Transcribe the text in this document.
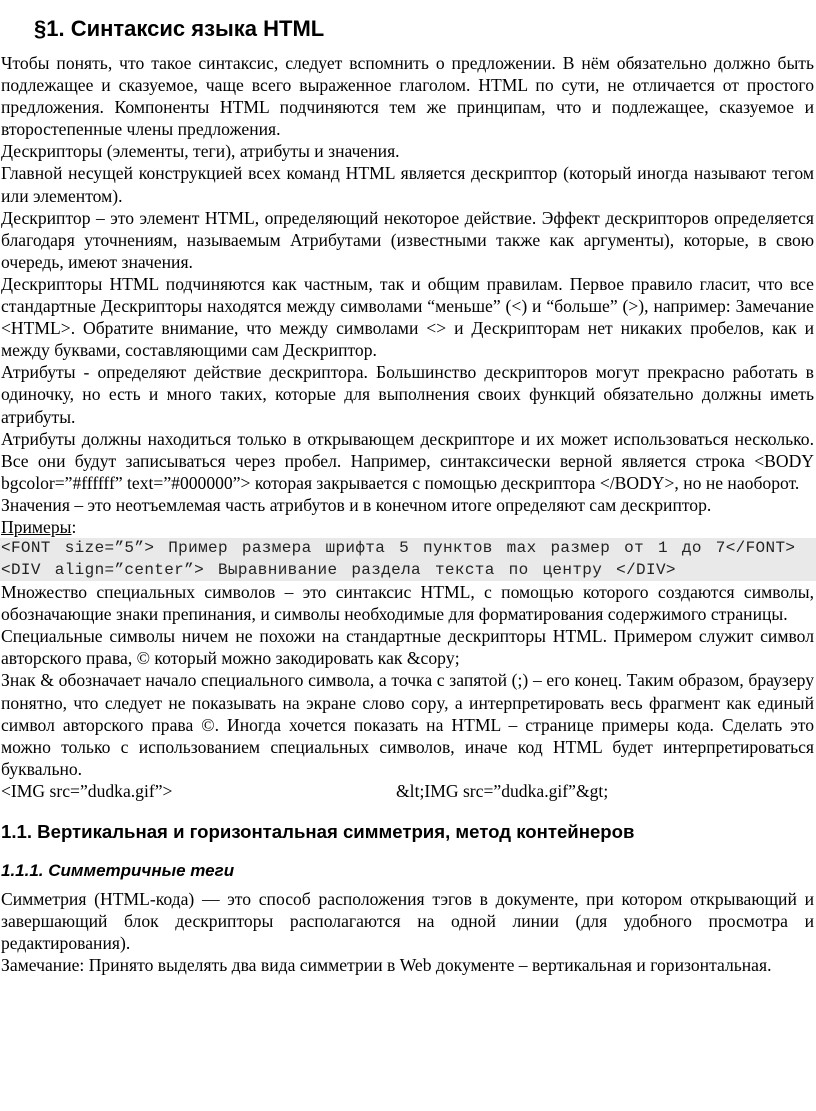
§1. Синтаксис языка HTML

Чтобы понять, что такое синтаксис, следует вспомнить о предложении. В нём обязательно должно быть подлежащее и сказуемое, чаще всего выраженное глаголом. HTML по сути, не отличается от простого предложения. Компоненты HTML подчиняются тем же принципам, что и подлежащее, сказуемое и второстепенные члены предложения.

Дескрипторы (элементы, теги), атрибуты и значения.

Главной несущей конструкцией всех команд HTML является дескриптор (который иногда называют тегом или элементом).

Дескриптор – это элемент HTML, определяющий некоторое действие. Эффект дескрипторов определяется благодаря уточнениям, называемым Атрибутами (известными также как аргументы), которые, в свою очередь, имеют значения.

Дескрипторы HTML подчиняются как частным, так и общим правилам. Первое правило гласит, что все стандартные Дескрипторы находятся между символами “меньше” (<) и “больше” (>), например: Замечание <HTML>. Обратите внимание, что между символами <> и Дескрипторам нет никаких пробелов, как и между буквами, составляющими сам Дескриптор.

Атрибуты - определяют действие дескриптора. Большинство дескрипторов могут прекрасно работать в одиночку, но есть и много таких, которые для выполнения своих функций обязательно должны иметь атрибуты.

Атрибуты должны находиться только в открывающем дескрипторе и их может использоваться несколько. Все они будут записываться через пробел. Например, синтаксически верной является строка <BODY bgcolor=”#ffffff” text=”#000000”> которая закрывается с помощью дескриптора </BODY>, но не наоборот.

Значения – это неотъемлемая часть атрибутов и в конечном итоге определяют сам дескриптор.

Примеры:

<FONT size=”5”> Пример размера шрифта 5 пунктов max размер от 1 до 7</FONT>

<DIV align=”center”> Выравнивание раздела текста по центру </DIV>

Множество специальных символов – это синтаксис HTML, с помощью которого создаются символы, обозначающие знаки препинания, и символы необходимые для форматирования содержимого страницы.

Специальные символы ничем не похожи на стандартные дескрипторы HTML. Примером служит символ авторского права, © который можно закодировать как &copy;

Знак & обозначает начало специального символа, а точка с запятой (;) – его конец. Таким образом, браузеру понятно, что следует не показывать на экране слово copy, а интерпретировать весь фрагмент как единый символ авторского права ©. Иногда хочется показать на HTML – странице примеры кода. Сделать это можно только с использованием специальных символов, иначе код HTML будет интерпретироваться буквально.

<IMG src=”dudka.gif”>	&lt;IMG src=”dudka.gif”&gt;
1.1. Вертикальная и горизонтальная симметрия, метод контейнеров
1.1.1. Симметричные теги

Симметрия (HTML-кода) — это способ расположения тэгов в документе, при котором открывающий и завершающий блок дескрипторы располагаются на одной линии (для удобного просмотра и редактирования).

Замечание: Принято выделять два вида симметрии в Web документе – вертикальная и горизонтальная.
